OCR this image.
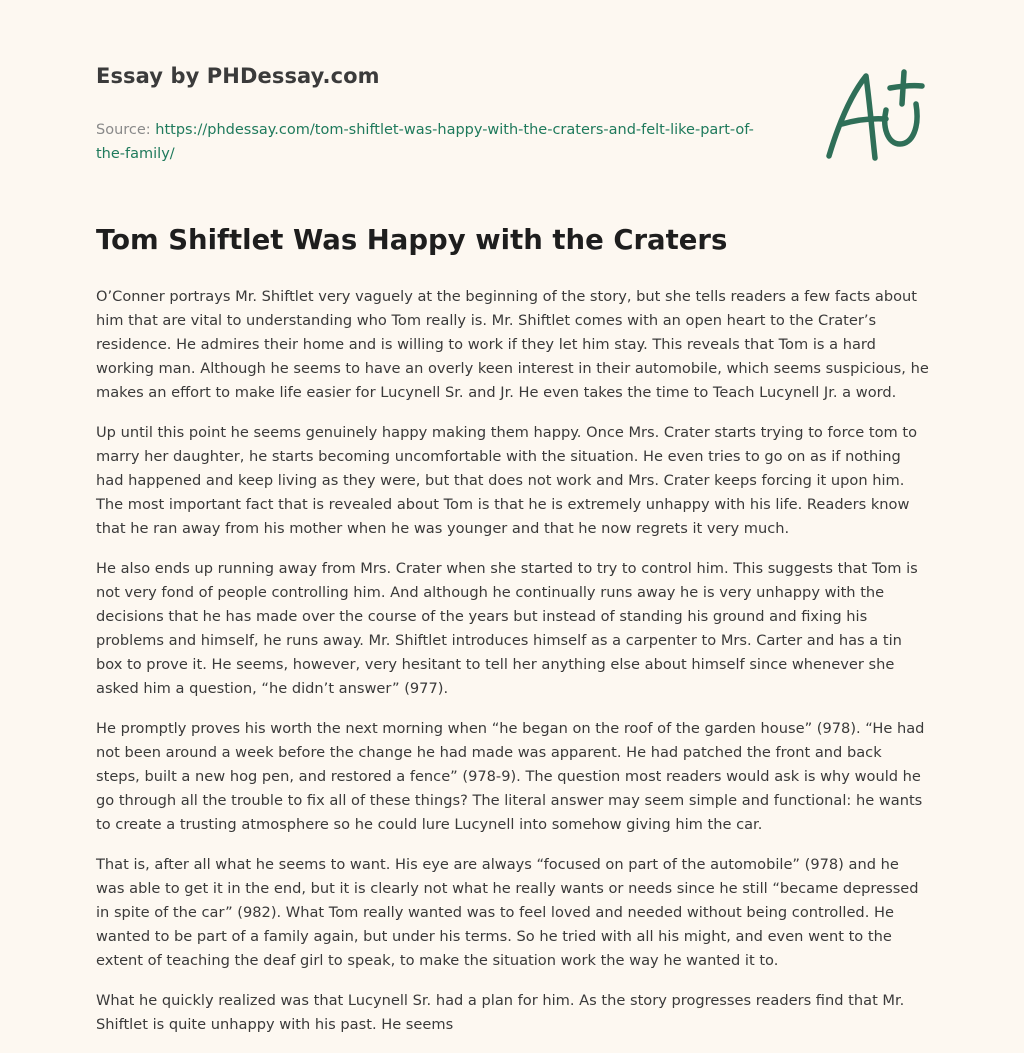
Essay by PHDessay.com
Source: https://phdessay.com/tom-shiftlet-was-happy-with-the-craters-and-felt-like-part-of-the-family/
Tom Shiftlet Was Happy with the Craters

O’Conner portrays Mr. Shiftlet very vaguely at the beginning of the story, but she tells readers a few facts about him that are vital to understanding who Tom really is. Mr. Shiftlet comes with an open heart to the Crater’s residence. He admires their home and is willing to work if they let him stay. This reveals that Tom is a hard working man. Although he seems to have an overly keen interest in their automobile, which seems suspicious, he makes an effort to make life easier for Lucynell Sr. and Jr. He even takes the time to Teach Lucynell Jr. a word.

Up until this point he seems genuinely happy making them happy. Once Mrs. Crater starts trying to force tom to marry her daughter, he starts becoming uncomfortable with the situation. He even tries to go on as if nothing had happened and keep living as they were, but that does not work and Mrs. Crater keeps forcing it upon him. The most important fact that is revealed about Tom is that he is extremely unhappy with his life. Readers know that he ran away from his mother when he was younger and that he now regrets it very much.

He also ends up running away from Mrs. Crater when she started to try to control him. This suggests that Tom is not very fond of people controlling him. And although he continually runs away he is very unhappy with the decisions that he has made over the course of the years but instead of standing his ground and fixing his problems and himself, he runs away. Mr. Shiftlet introduces himself as a carpenter to Mrs. Carter and has a tin box to prove it. He seems, however, very hesitant to tell her anything else about himself since whenever she asked him a question, “he didn’t answer” (977).

He promptly proves his worth the next morning when “he began on the roof of the garden house” (978). “He had not been around a week before the change he had made was apparent. He had patched the front and back steps, built a new hog pen, and restored a fence” (978-9). The question most readers would ask is why would he go through all the trouble to fix all of these things? The literal answer may seem simple and functional: he wants to create a trusting atmosphere so he could lure Lucynell into somehow giving him the car.

That is, after all what he seems to want. His eye are always “focused on part of the automobile” (978) and he was able to get it in the end, but it is clearly not what he really wants or needs since he still “became depressed in spite of the car” (982). What Tom really wanted was to feel loved and needed without being controlled. He wanted to be part of a family again, but under his terms. So he tried with all his might, and even went to the extent of teaching the deaf girl to speak, to make the situation work the way he wanted it to.

What he quickly realized was that Lucynell Sr. had a plan for him. As the story progresses readers find that Mr. Shiftlet is quite unhappy with his past. He seems
